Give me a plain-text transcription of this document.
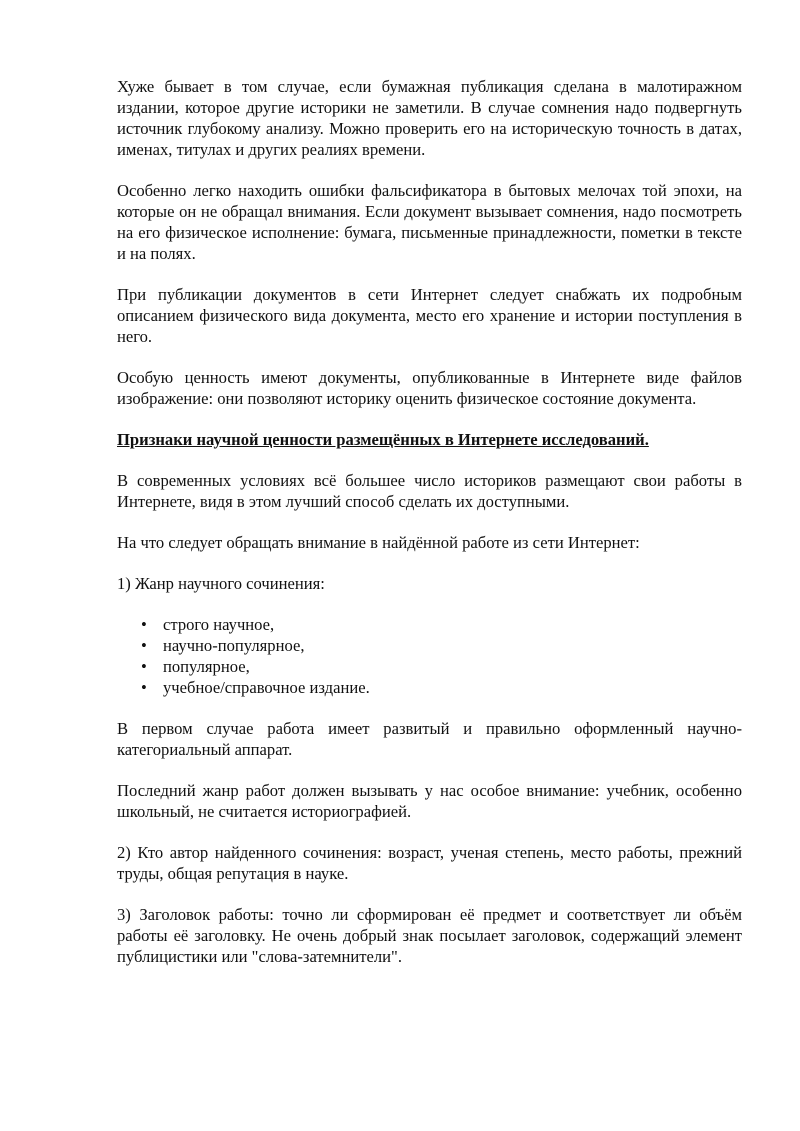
Хуже бывает в том случае, если бумажная публикация сделана в малотиражном издании, которое другие историки не заметили. В случае сомнения надо подвергнуть источник глубокому анализу. Можно проверить его на историческую точность в датах, именах, титулах и других реалиях времени.

Особенно легко находить ошибки фальсификатора в бытовых мелочах той эпохи, на которые он не обращал внимания. Если документ вызывает сомнения, надо посмотреть на его физическое исполнение: бумага, письменные принадлежности, пометки в тексте и на полях.

При публикации документов в сети Интернет следует снабжать их подробным описанием физического вида документа, место его хранение и истории поступления в него.

Особую ценность имеют документы, опубликованные в Интернете виде файлов изображение: они позволяют историку оценить физическое состояние документа.

Признаки научной ценности размещённых в Интернете исследований.

В современных условиях всё большее число историков размещают свои работы в Интернете, видя в этом лучший способ сделать их доступными.

На что следует обращать внимание в найдённой работе из сети Интернет:

1) Жанр научного сочинения:

• строго научное,
• научно-популярное,
• популярное,
• учебное/справочное издание.

В первом случае работа имеет развитый и правильно оформленный научно-категориальный аппарат.

Последний жанр работ должен вызывать у нас особое внимание: учебник, особенно школьный, не считается историографией.

2) Кто автор найденного сочинения: возраст, ученая степень, место работы, прежний труды, общая репутация в науке.

3) Заголовок работы: точно ли сформирован её предмет и соответствует ли объём работы её заголовку. Не очень добрый знак посылает заголовок, содержащий элемент публицистики или "слова-затемнители".
